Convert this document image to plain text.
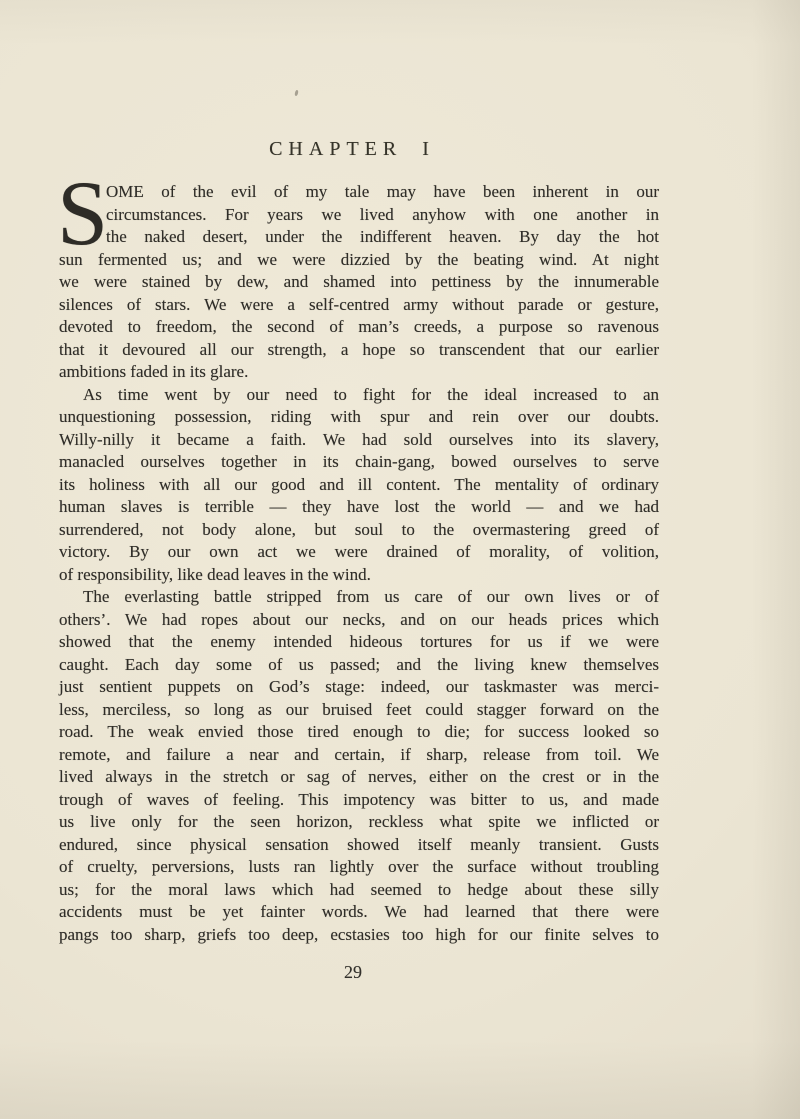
CHAPTER I
S
OME of the evil of my tale may have been inherent in our
circumstances. For years we lived anyhow with one another in
the naked desert, under the indifferent heaven. By day the hot
sun fermented us; and we were dizzied by the beating wind. At night
we were stained by dew, and shamed into pettiness by the innumerable
silences of stars. We were a self-centred army without parade or gesture,
devoted to freedom, the second of man’s creeds, a purpose so ravenous
that it devoured all our strength, a hope so transcendent that our earlier
ambitions faded in its glare.
As time went by our need to fight for the ideal increased to an
unquestioning possession, riding with spur and rein over our doubts.
Willy-nilly it became a faith. We had sold ourselves into its slavery,
manacled ourselves together in its chain-gang, bowed ourselves to serve
its holiness with all our good and ill content. The mentality of ordinary
human slaves is terrible — they have lost the world — and we had
surrendered, not body alone, but soul to the overmastering greed of
victory. By our own act we were drained of morality, of volition,
of responsibility, like dead leaves in the wind.
The everlasting battle stripped from us care of our own lives or of
others’. We had ropes about our necks, and on our heads prices which
showed that the enemy intended hideous tortures for us if we were
caught. Each day some of us passed; and the living knew themselves
just sentient puppets on God’s stage: indeed, our taskmaster was merci-
less, merciless, so long as our bruised feet could stagger forward on the
road. The weak envied those tired enough to die; for success looked so
remote, and failure a near and certain, if sharp, release from toil. We
lived always in the stretch or sag of nerves, either on the crest or in the
trough of waves of feeling. This impotency was bitter to us, and made
us live only for the seen horizon, reckless what spite we inflicted or
endured, since physical sensation showed itself meanly transient. Gusts
of cruelty, perversions, lusts ran lightly over the surface without troubling
us; for the moral laws which had seemed to hedge about these silly
accidents must be yet fainter words. We had learned that there were
pangs too sharp, griefs too deep, ecstasies too high for our finite selves to
29
